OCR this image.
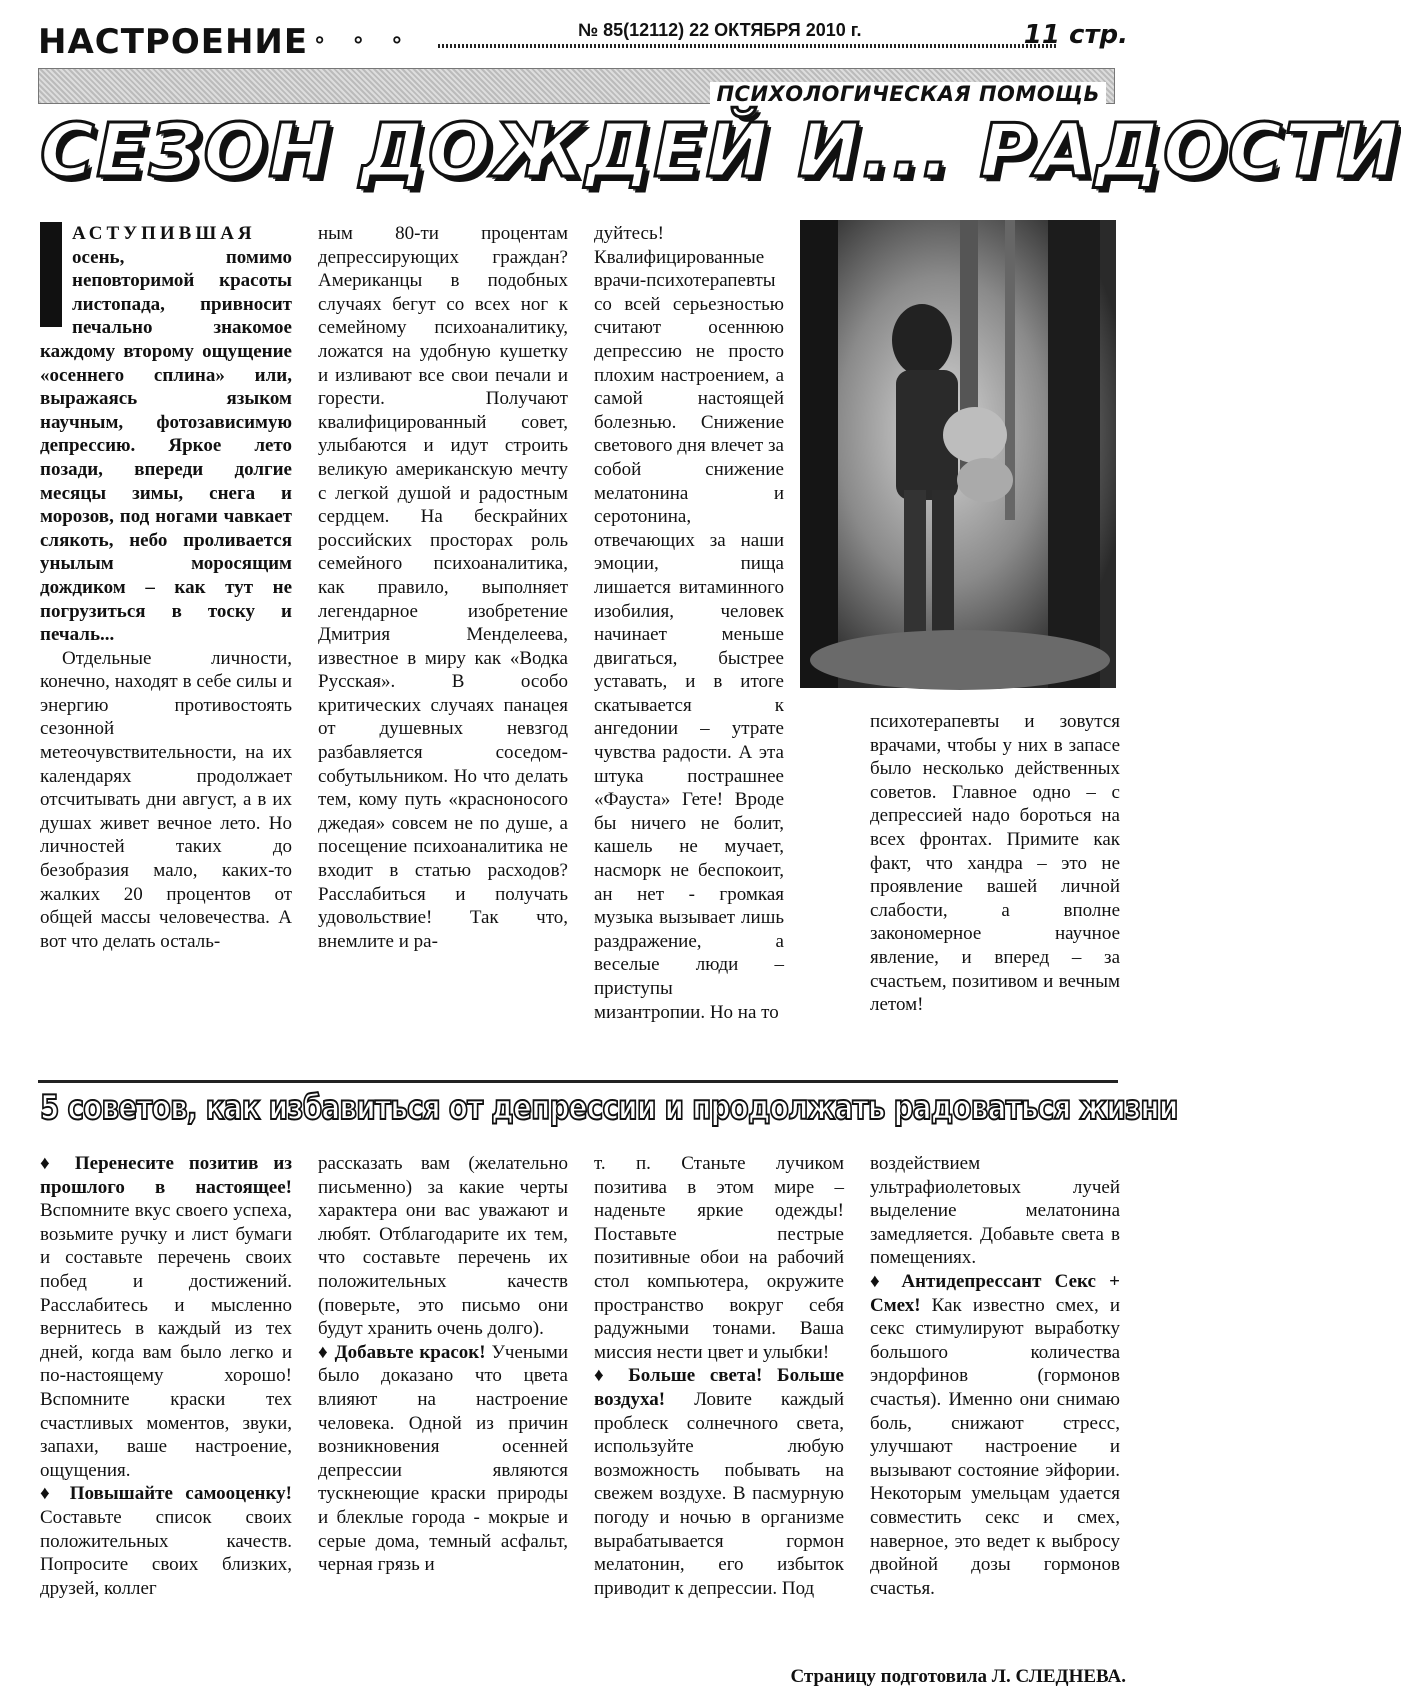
НАСТРОЕНИЕ ° ° °
№ 85(12112) 22 ОКТЯБРЯ 2010 г.	11 стр.
ПСИХОЛОГИЧЕСКАЯ ПОМОЩЬ
СЕЗОН ДОЖДЕЙ И... РАДОСТИ

АСТУПИВШАЯ осень, помимо неповторимой красоты листопада, привносит печально знакомое каждому второму ощущение «осеннего сплина» или, выражаясь языком научным, фотозависимую депрессию. Яркое лето позади, впереди долгие месяцы зимы, снега и морозов, под ногами чавкает слякоть, небо проливается унылым моросящим дождиком – как тут не погрузиться в тоску и печаль...

Отдельные личности, конечно, находят в себе силы и энергию противостоять сезонной метеочувствительности, на их календарях продолжает отсчитывать дни август, а в их душах живет вечное лето. Но личностей таких до безобразия мало, каких-то жалких 20 процентов от общей массы человечества. А вот что делать осталь-

ным 80-ти процентам депрессирующих граждан? Американцы в подобных случаях бегут со всех ног к семейному психоаналитику, ложатся на удобную кушетку и изливают все свои печали и горести. Получают квалифицированный совет, улыбаются и идут строить великую американскую мечту с легкой душой и радостным сердцем. На бескрайних российских просторах роль семейного психоаналитика, как правило, выполняет легендарное изобретение Дмитрия Менделеева, известное в миру как «Водка Русская». В особо критических случаях панацея от душевных невзгод разбавляется соседом-собутыльником. Но что делать тем, кому путь «красноносого джедая» совсем не по душе, а посещение психоаналитика не входит в статью расходов? Расслабиться и получать удовольствие! Так что, внемлите и ра-

дуйтесь! Квалифицированные врачи-психотерапевты со всей серьезностью считают осеннюю депрессию не просто плохим настроением, а самой настоящей болезнью. Снижение светового дня влечет за собой снижение мелатонина и серотонина, отвечающих за наши эмоции, пища лишается витаминного изобилия, человек начинает меньше двигаться, быстрее уставать, и в итоге скатывается к ангедонии – утрате чувства радости. А эта штука пострашнее «Фауста» Гете! Вроде бы ничего не болит, кашель не мучает, насморк не беспокоит, ан нет - громкая музыка вызывает лишь раздражение, а веселые люди – приступы мизантропии. Но на то

психотерапевты и зовутся врачами, чтобы у них в запасе было несколько действенных советов. Главное одно – с депрессией надо бороться на всех фронтах. Примите как факт, что хандра – это не проявление вашей личной слабости, а вполне закономерное научное явление, и вперед – за счастьем, позитивом и вечным летом!

5 советов, как избавиться от депрессии и продолжать радоваться жизни

♦ Перенесите позитив из прошлого в настоящее! Вспомните вкус своего успеха, возьмите ручку и лист бумаги и составьте перечень своих побед и достижений. Расслабитесь и мысленно вернитесь в каждый из тех дней, когда вам было легко и по-настоящему хорошо! Вспомните краски тех счастливых моментов, звуки, запахи, ваше настроение, ощущения.

♦ Повышайте самооценку! Составьте список своих положительных качеств. Попросите своих близких, друзей, коллег

рассказать вам (желательно письменно) за какие черты характера они вас уважают и любят. Отблагодарите их тем, что составьте перечень их положительных качеств (поверьте, это письмо они будут хранить очень долго).

♦ Добавьте красок! Учеными было доказано что цвета влияют на настроение человека. Одной из причин возникновения осенней депрессии являются тускнеющие краски природы и блеклые города - мокрые и серые дома, темный асфальт, черная грязь и

т. п. Станьте лучиком позитива в этом мире – наденьте яркие одежды! Поставьте пестрые позитивные обои на рабочий стол компьютера, окружите пространство вокруг себя радужными тонами. Ваша миссия нести цвет и улыбки!

♦ Больше света! Больше воздуха! Ловите каждый проблеск солнечного света, используйте любую возможность побывать на свежем воздухе. В пасмурную погоду и ночью в организме вырабатывается гормон мелатонин, его избыток приводит к депрессии. Под

воздействием ультрафиолетовых лучей выделение мелатонина замедляется. Добавьте света в помещениях.

♦ Антидепрессант Секс + Смех! Как известно смех, и секс стимулируют выработку большого количества эндорфинов (гормонов счастья). Именно они снимаю боль, снижают стресс, улучшают настроение и вызывают состояние эйфории. Некоторым умельцам удается совместить секс и смех, наверное, это ведет к выбросу двойной дозы гормонов счастья.

Страницу подготовила Л. СЛЕДНЕВА.
